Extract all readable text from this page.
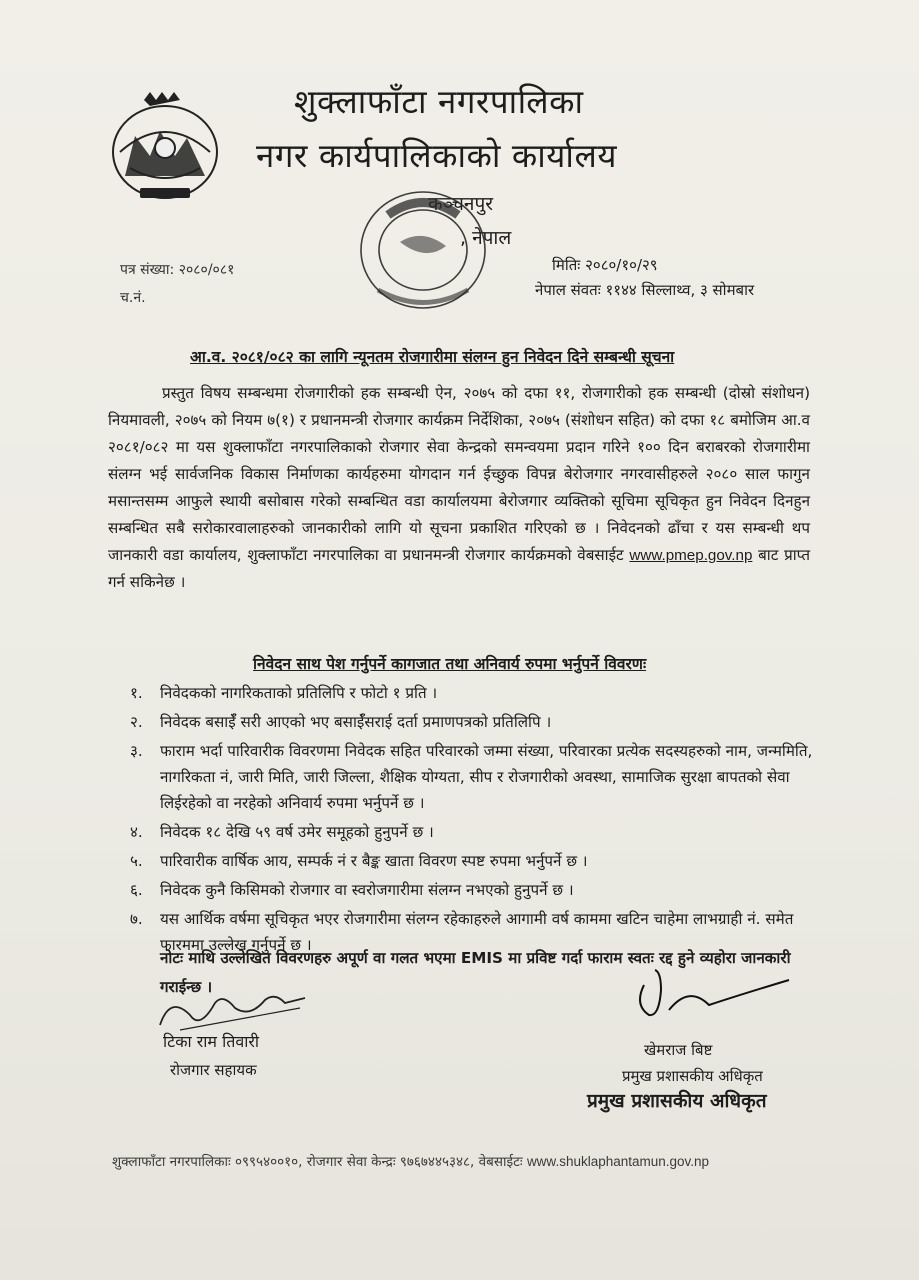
शुक्लाफाँटा नगरपालिका
नगर कार्यपालिकाको कार्यालय
कञ्चनपुर
, नेपाल
पत्र संख्या: २०८०/०८१
च.नं.
मितिः २०८०/१०/२९
नेपाल संवतः ११४४ सिल्लाथ्व, ३ सोमबार
आ.व. २०८१/०८२ का लागि न्यूनतम रोजगारीमा संलग्न हुन निवेदन दिने सम्बन्धी सूचना
प्रस्तुत विषय सम्बन्धमा रोजगारीको हक सम्बन्धी ऐन, २०७५ को दफा ११, रोजगारीको हक सम्बन्धी (दोस्रो संशोधन) नियमावली, २०७५ को नियम ७(१) र प्रधानमन्त्री रोजगार कार्यक्रम निर्देशिका, २०७५ (संशोधन सहित) को दफा १८ बमोजिम आ.व २०८१/०८२ मा यस शुक्लाफाँटा नगरपालिकाको रोजगार सेवा केन्द्रको समन्वयमा प्रदान गरिने १०० दिन बराबरको रोजगारीमा संलग्न भई सार्वजनिक विकास निर्माणका कार्यहरुमा योगदान गर्न ईच्छुक विपन्न बेरोजगार नगरवासीहरुले २०८० साल फागुन मसान्तसम्म आफुले स्थायी बसोबास गरेको सम्बन्धित वडा कार्यालयमा बेरोजगार व्यक्तिको सूचिमा सूचिकृत हुन निवेदन दिनहुन सम्बन्धित सबै सरोकारवालाहरुको जानकारीको लागि यो सूचना प्रकाशित गरिएको छ । निवेदनको ढाँचा र यस सम्बन्धी थप जानकारी वडा कार्यालय, शुक्लाफाँटा नगरपालिका वा प्रधानमन्त्री रोजगार कार्यक्रमको वेबसाईट www.pmep.gov.np बाट प्राप्त गर्न सकिनेछ ।
निवेदन साथ पेश गर्नुपर्ने कागजात तथा अनिवार्य रुपमा भर्नुपर्ने विवरणः
१. निवेदकको नागरिकताको प्रतिलिपि र फोटो १ प्रति ।
२. निवेदक बसाईँ सरी आएको भए बसाईँसराई दर्ता प्रमाणपत्रको प्रतिलिपि ।
३. फाराम भर्दा पारिवारीक विवरणमा निवेदक सहित परिवारको जम्मा संख्या, परिवारका प्रत्येक सदस्यहरुको नाम, जन्ममिति, नागरिकता नं, जारी मिति, जारी जिल्ला, शैक्षिक योग्यता, सीप र रोजगारीको अवस्था, सामाजिक सुरक्षा बापतको सेवा लिईरहेको वा नरहेको अनिवार्य रुपमा भर्नुपर्ने छ ।
४. निवेदक १८ देखि ५९ वर्ष उमेर समूहको हुनुपर्ने छ ।
५. पारिवारीक वार्षिक आय, सम्पर्क नं र बैङ्क खाता विवरण स्पष्ट रुपमा भर्नुपर्ने छ ।
६. निवेदक कुनै किसिमको रोजगार वा स्वरोजगारीमा संलग्न नभएको हुनुपर्ने छ ।
७. यस आर्थिक वर्षमा सूचिकृत भएर रोजगारीमा संलग्न रहेकाहरुले आगामी वर्ष काममा खटिन चाहेमा लाभग्राही नं. समेत फारममा उल्लेख गर्नुपर्ने छ ।
नोटः माथि उल्लेखित विवरणहरु अपूर्ण वा गलत भएमा EMIS मा प्रविष्ट गर्दा फाराम स्वतः रद्द हुने व्यहोरा जानकारी गराईन्छ ।
टिका राम तिवारी
रोजगार सहायक
खेमराज बिष्ट
प्रमुख प्रशासकीय अधिकृत
प्रमुख प्रशासकीय अधिकृत
शुक्लाफाँटा नगरपालिकाः ०९९५४००१०, रोजगार सेवा केन्द्रः ९७६७४४५३४८, वेबसाईटः www.shuklaphantamun.gov.np
